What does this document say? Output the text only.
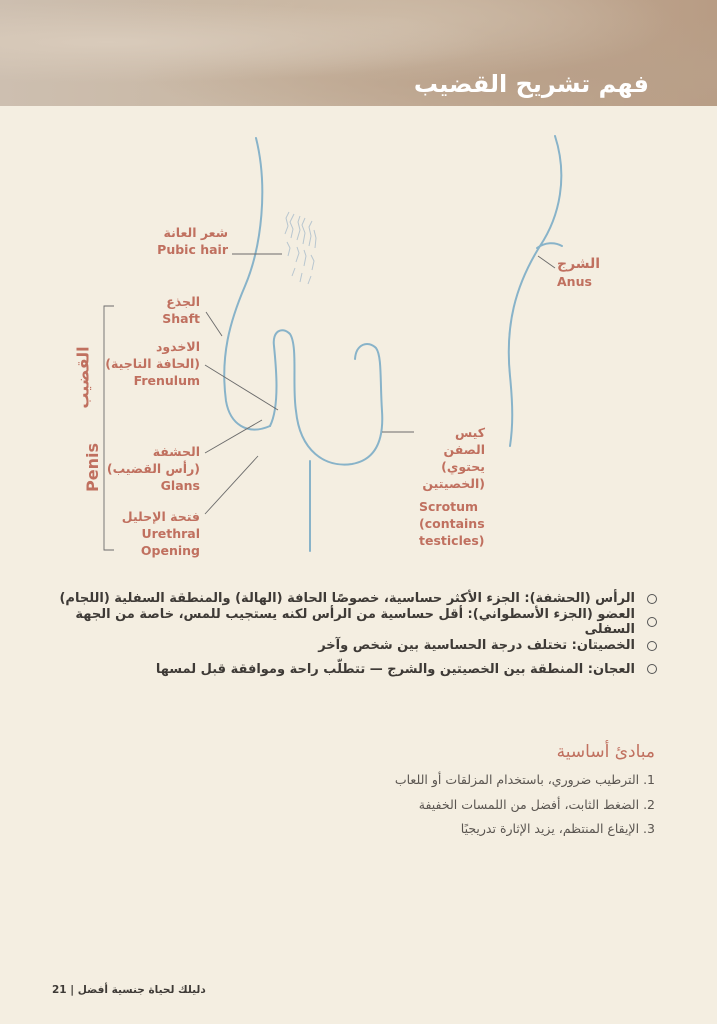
فهم تشريح القضيب
شعر العانة
Pubic hair
الشرج
Anus
الجذع
Shaft
الاخدود
(الحافة التاجية)
Frenulum
الحشفة
(رأس القضيب)
Glans
فتحة الإحليل
Urethral
Opening
كيس الصفن
(يحتوي
الخصيتين)
Scrotum
(contains
testicles)
القضيب
Penis
الرأس (الحشفة): الجزء الأكثر حساسية، خصوصًا الحافة (الهالة) والمنطقة السفلية (اللجام)
العضو (الجزء الأسطواني): أقل حساسية من الرأس لكنه يستجيب للمس، خاصة من الجهة السفلى
الخصيتان: تختلف درجة الحساسية بين شخص وآخر
العجان: المنطقة بين الخصيتين والشرج — تتطلّب راحة وموافقة قبل لمسها
مبادئ أساسية
1. الترطيب ضروري، باستخدام المزلقات أو اللعاب
2. الضغط الثابت، أفضل من اللمسات الخفيفة
3. الإيقاع المنتظم، يزيد الإثارة تدريجيًا
دليلك لحياة جنسية أفضل | 21
